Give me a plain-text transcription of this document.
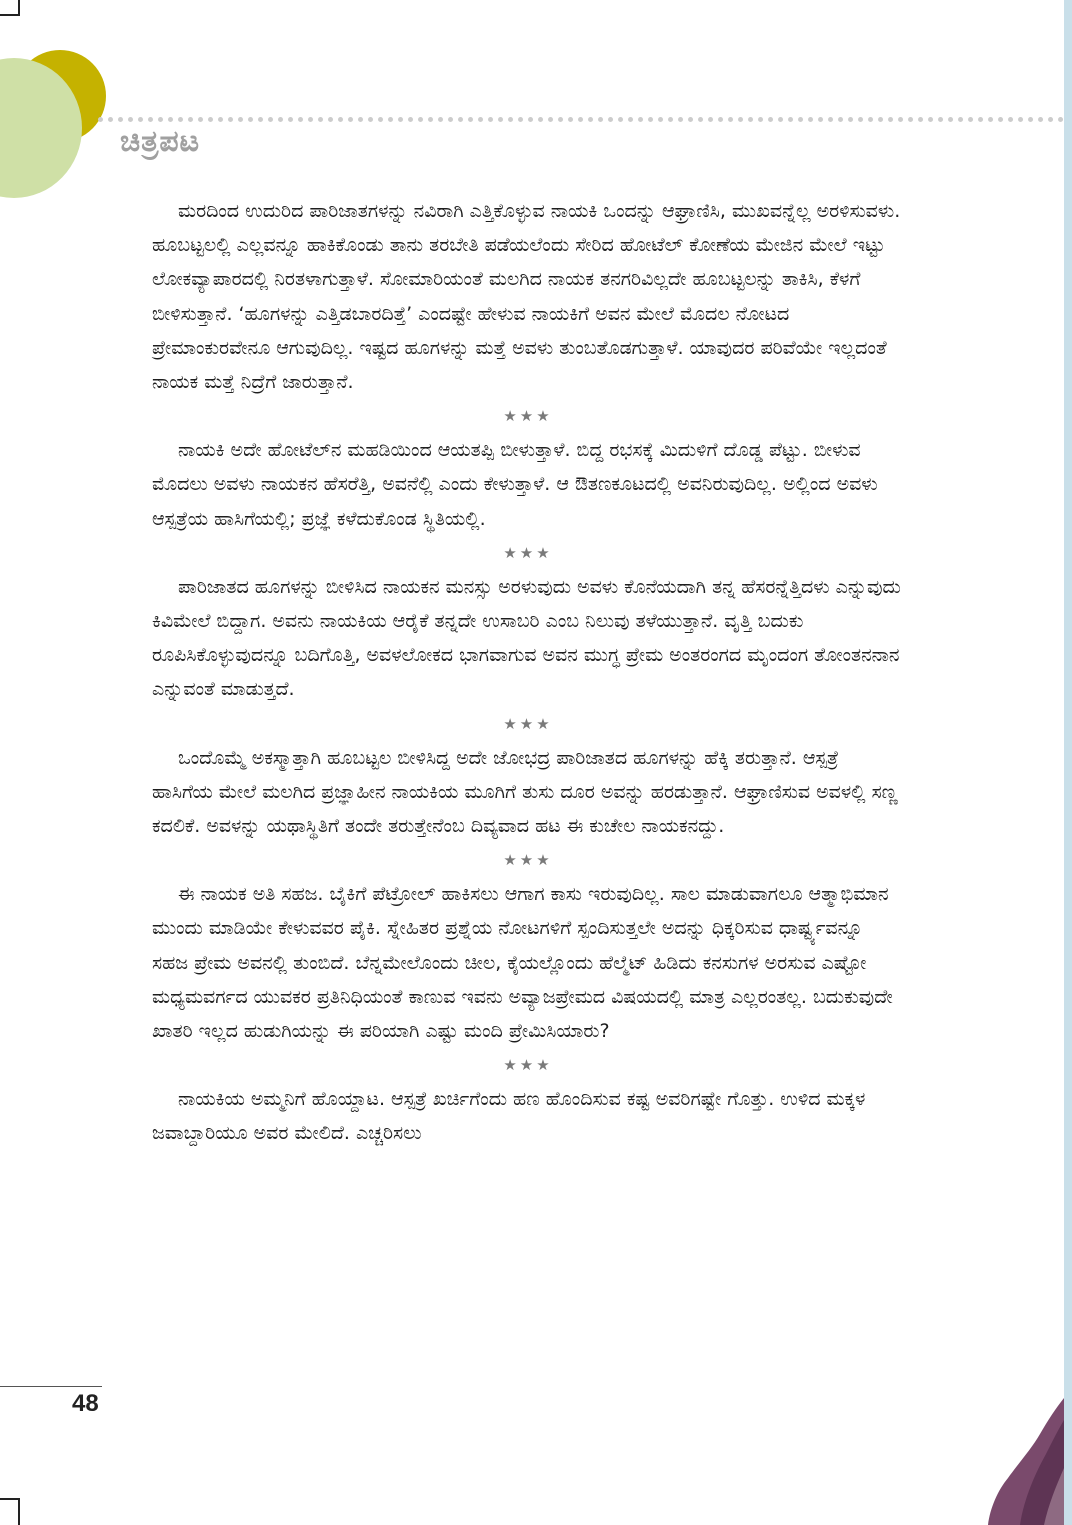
ಚಿತ್ರಪಟ

ಮರದಿಂದ ಉದುರಿದ ಪಾರಿಜಾತಗಳನ್ನು ನವಿರಾಗಿ ಎತ್ತಿಕೊಳ್ಳುವ ನಾಯಕಿ ಒಂದನ್ನು ಆಘ್ರಾಣಿಸಿ, ಮುಖವನ್ನೆಲ್ಲ ಅರಳಿಸುವಳು. ಹೂಬಟ್ಟಲಲ್ಲಿ ಎಲ್ಲವನ್ನೂ ಹಾಕಿಕೊಂಡು ತಾನು ತರಬೇತಿ ಪಡೆಯಲೆಂದು ಸೇರಿದ ಹೋಟೆಲ್ ಕೋಣೆಯ ಮೇಜಿನ ಮೇಲೆ ಇಟ್ಟು ಲೋಕವ್ಯಾಪಾರದಲ್ಲಿ ನಿರತಳಾಗುತ್ತಾಳೆ. ಸೋಮಾರಿಯಂತೆ ಮಲಗಿದ ನಾಯಕ ತನಗರಿವಿಲ್ಲದೇ ಹೂಬಟ್ಟಲನ್ನು ತಾಕಿಸಿ, ಕೆಳಗೆ ಬೀಳಿಸುತ್ತಾನೆ. ‘ಹೂಗಳನ್ನು ಎತ್ತಿಡಬಾರದಿತ್ತೆ’ ಎಂದಷ್ಟೇ ಹೇಳುವ ನಾಯಕಿಗೆ ಅವನ ಮೇಲೆ ಮೊದಲ ನೋಟದ ಪ್ರೇಮಾಂಕುರವೇನೂ ಆಗುವುದಿಲ್ಲ. ಇಷ್ಟದ ಹೂಗಳನ್ನು ಮತ್ತೆ ಅವಳು ತುಂಬತೊಡಗುತ್ತಾಳೆ. ಯಾವುದರ ಪರಿವೆಯೇ ಇಲ್ಲದಂತೆ ನಾಯಕ ಮತ್ತೆ ನಿದ್ರೆಗೆ ಜಾರುತ್ತಾನೆ.

★★★

ನಾಯಕಿ ಅದೇ ಹೋಟೆಲ್‌ನ ಮಹಡಿಯಿಂದ ಆಯತಪ್ಪಿ ಬೀಳುತ್ತಾಳೆ. ಬಿದ್ದ ರಭಸಕ್ಕೆ ಮಿದುಳಿಗೆ ದೊಡ್ಡ ಪೆಟ್ಟು. ಬೀಳುವ ಮೊದಲು ಅವಳು ನಾಯಕನ ಹೆಸರೆತ್ತಿ, ಅವನೆಲ್ಲಿ ಎಂದು ಕೇಳುತ್ತಾಳೆ. ಆ ಔತಣಕೂಟದಲ್ಲಿ ಅವನಿರುವುದಿಲ್ಲ. ಅಲ್ಲಿಂದ ಅವಳು ಆಸ್ಪತ್ರೆಯ ಹಾಸಿಗೆಯಲ್ಲಿ; ಪ್ರಜ್ಞೆ ಕಳೆದುಕೊಂಡ ಸ್ಥಿತಿಯಲ್ಲಿ.

★★★

ಪಾರಿಜಾತದ ಹೂಗಳನ್ನು ಬೀಳಿಸಿದ ನಾಯಕನ ಮನಸ್ಸು ಅರಳುವುದು ಅವಳು ಕೊನೆಯದಾಗಿ ತನ್ನ ಹೆಸರನ್ನೆತ್ತಿದಳು ಎನ್ನುವುದು ಕಿವಿಮೇಲೆ ಬಿದ್ದಾಗ. ಅವನು ನಾಯಕಿಯ ಆರೈಕೆ ತನ್ನದೇ ಉಸಾಬರಿ ಎಂಬ ನಿಲುವು ತಳೆಯುತ್ತಾನೆ. ವೃತ್ತಿ ಬದುಕು ರೂಪಿಸಿಕೊಳ್ಳುವುದನ್ನೂ ಬದಿಗೊತ್ತಿ, ಅವಳಲೋಕದ ಭಾಗವಾಗುವ ಅವನ ಮುಗ್ಧ ಪ್ರೇಮ ಅಂತರಂಗದ ಮೃಂದಂಗ ತೋಂತನನಾನ ಎನ್ನುವಂತೆ ಮಾಡುತ್ತದೆ.

★★★

ಒಂದೊಮ್ಮೆ ಅಕಸ್ಮಾತ್ತಾಗಿ ಹೂಬಟ್ಟಲ ಬೀಳಿಸಿದ್ದ ಅದೇ ಜೋಭದ್ರ ಪಾರಿಜಾತದ ಹೂಗಳನ್ನು ಹೆಕ್ಕಿ ತರುತ್ತಾನೆ. ಆಸ್ಪತ್ರೆ ಹಾಸಿಗೆಯ ಮೇಲೆ ಮಲಗಿದ ಪ್ರಜ್ಞಾಹೀನ ನಾಯಕಿಯ ಮೂಗಿಗೆ ತುಸು ದೂರ ಅವನ್ನು ಹರಡುತ್ತಾನೆ. ಆಘ್ರಾಣಿಸುವ ಅವಳಲ್ಲಿ ಸಣ್ಣ ಕದಲಿಕೆ. ಅವಳನ್ನು ಯಥಾಸ್ಥಿತಿಗೆ ತಂದೇ ತರುತ್ತೇನೆಂಬ ದಿವ್ಯವಾದ ಹಟ ಈ ಕುಚೇಲ ನಾಯಕನದ್ದು.

★★★

ಈ ನಾಯಕ ಅತಿ ಸಹಜ. ಬೈಕಿಗೆ ಪೆಟ್ರೋಲ್ ಹಾಕಿಸಲು ಆಗಾಗ ಕಾಸು ಇರುವುದಿಲ್ಲ. ಸಾಲ ಮಾಡುವಾಗಲೂ ಆತ್ಮಾಭಿಮಾನ ಮುಂದು ಮಾಡಿಯೇ ಕೇಳುವವರ ಪೈಕಿ. ಸ್ನೇಹಿತರ ಪ್ರಶ್ನೆಯ ನೋಟಗಳಿಗೆ ಸ್ಪಂದಿಸುತ್ತಲೇ ಅದನ್ನು ಧಿಕ್ಕರಿಸುವ ಧಾರ್ಷ್ಟ್ಯವನ್ನೂ ಸಹಜ ಪ್ರೇಮ ಅವನಲ್ಲಿ ತುಂಬಿದೆ. ಬೆನ್ನಮೇಲೊಂದು ಚೀಲ, ಕೈಯಲ್ಲೊಂದು ಹೆಲ್ಮೆಟ್ ಹಿಡಿದು ಕನಸುಗಳ ಅರಸುವ ಎಷ್ಟೋ ಮಧ್ಯಮವರ್ಗದ ಯುವಕರ ಪ್ರತಿನಿಧಿಯಂತೆ ಕಾಣುವ ಇವನು ಅವ್ಯಾಜಪ್ರೇಮದ ವಿಷಯದಲ್ಲಿ ಮಾತ್ರ ಎಲ್ಲರಂತಲ್ಲ. ಬದುಕುವುದೇ ಖಾತರಿ ಇಲ್ಲದ ಹುಡುಗಿಯನ್ನು ಈ ಪರಿಯಾಗಿ ಎಷ್ಟು ಮಂದಿ ಪ್ರೇಮಿಸಿಯಾರು?

★★★

ನಾಯಕಿಯ ಅಮ್ಮನಿಗೆ ಹೊಯ್ದಾಟ. ಆಸ್ಪತ್ರೆ ಖರ್ಚಿಗೆಂದು ಹಣ ಹೊಂದಿಸುವ ಕಷ್ಟ ಅವರಿಗಷ್ಟೇ ಗೊತ್ತು. ಉಳಿದ ಮಕ್ಕಳ ಜವಾಬ್ದಾರಿಯೂ ಅವರ ಮೇಲಿದೆ. ಎಚ್ಚರಿಸಲು

48
